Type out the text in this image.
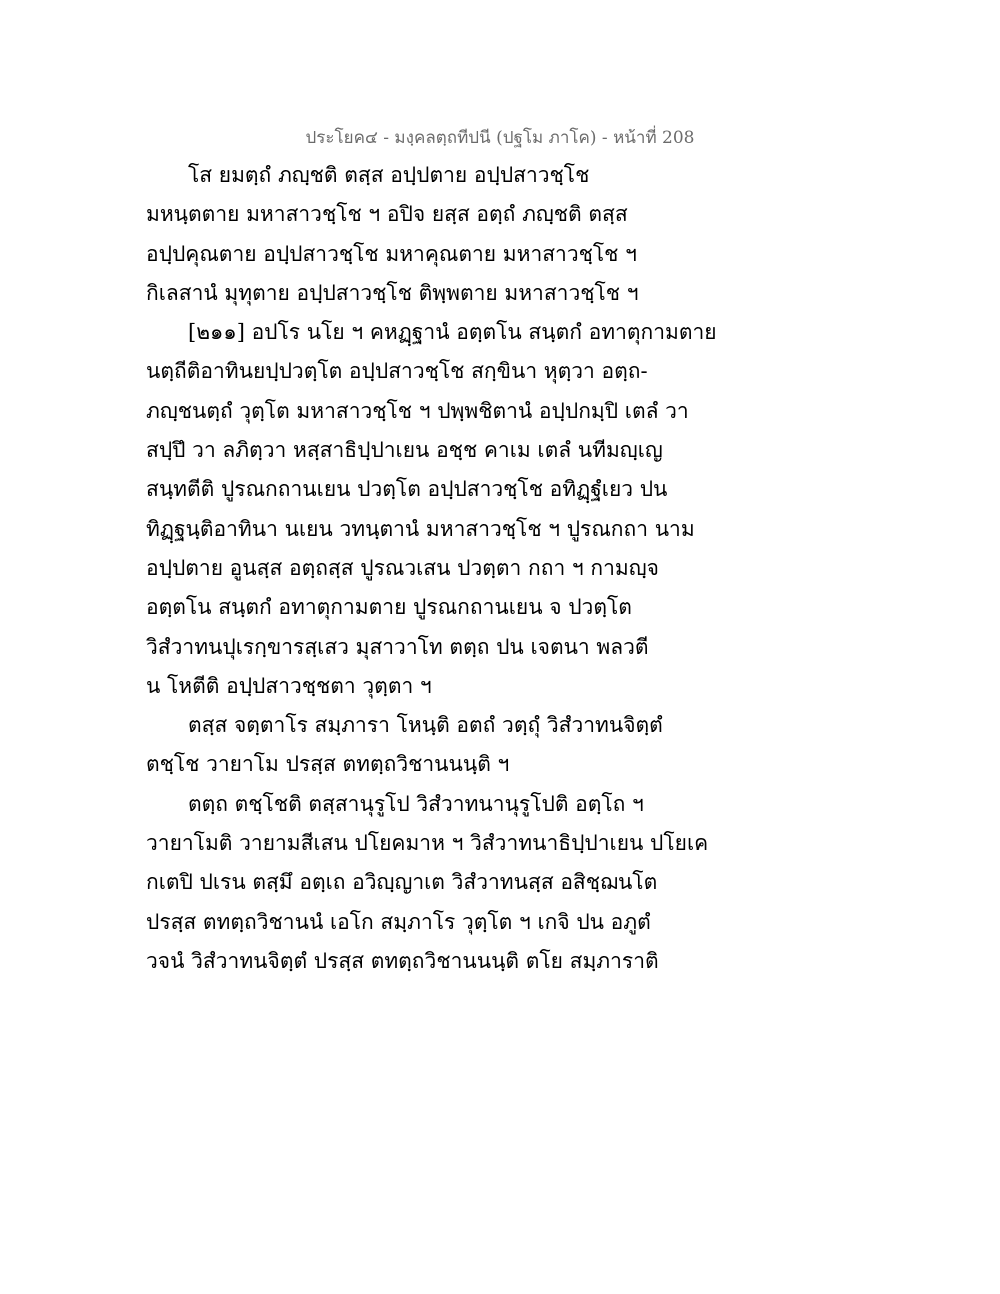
ประโยค๔ - มงฺคลตฺถทีปนี (ปฐโม ภาโค) - หน้าที่ 208
โส ยมตฺถํ ภญฺชติ ตสฺส อปฺปตาย อปฺปสาวชฺโช
มหนฺตตาย มหาสาวชฺโช ฯ อปิจ ยสฺส อตฺถํ ภญฺชติ ตสฺส
อปฺปคุณตาย อปฺปสาวชฺโช มหาคุณตาย มหาสาวชฺโช ฯ
กิเลสานํ มุทุตาย อปฺปสาวชฺโช ติพฺพตาย มหาสาวชฺโช ฯ
[๒๑๑] อปโร นโย ฯ คหฏฺฐานํ อตฺตโน สนฺตกํ อทาตุกามตาย
นตฺถีติอาทินยปฺปวตฺโต อปฺปสาวชฺโช สกฺขินา หุตฺวา อตฺถ-
ภญฺชนตฺถํ วุตฺโต มหาสาวชฺโช ฯ ปพฺพชิตานํ อปฺปกมฺปิ เตลํ วา
สปฺปึ วา ลภิตฺวา หสฺสาธิปฺปาเยน อชฺช คาเม เตลํ นทีมญฺเญ
สนฺทตีติ ปูรณกถานเยน ปวตฺโต อปฺปสาวชฺโช อทิฏฺฐํเยว ปน
ทิฏฺฐนฺติอาทินา นเยน วทนฺตานํ มหาสาวชฺโช ฯ ปูรณกถา นาม
อปฺปตาย อูนสฺส อตฺถสฺส ปูรณวเสน ปวตฺตา กถา ฯ กามญฺจ
อตฺตโน สนฺตกํ อทาตุกามตาย ปูรณกถานเยน จ ปวตฺโต
วิสํวาทนปุเรกฺขารสฺเสว มุสาวาโท ตตฺถ ปน เจตนา พลวตี
น โหตีติ อปฺปสาวชฺชตา วุตฺตา ฯ
ตสฺส จตฺตาโร สมฺภารา โหนฺติ อตถํ วตฺถุํ วิสํวาทนจิตฺตํ
ตชฺโช วายาโม ปรสฺส ตทตฺถวิชานนนฺติ ฯ
ตตฺถ ตชฺโชติ ตสฺสานุรูโป วิสํวาทนานุรูโปติ อตฺโถ ฯ
วายาโมติ วายามสีเสน ปโยคมาห ฯ วิสํวาทนาธิปฺปาเยน ปโยเค
กเตปิ ปเรน ตสฺมึ อตฺเถ อวิญฺญาเต วิสํวาทนสฺส อสิชฺฌนโต
ปรสฺส ตทตฺถวิชานนํ เอโก สมฺภาโร วุตฺโต ฯ เกจิ ปน อภูตํ
วจนํ วิสํวาทนจิตฺตํ ปรสฺส ตทตฺถวิชานนนฺติ ตโย สมฺภาราติ
